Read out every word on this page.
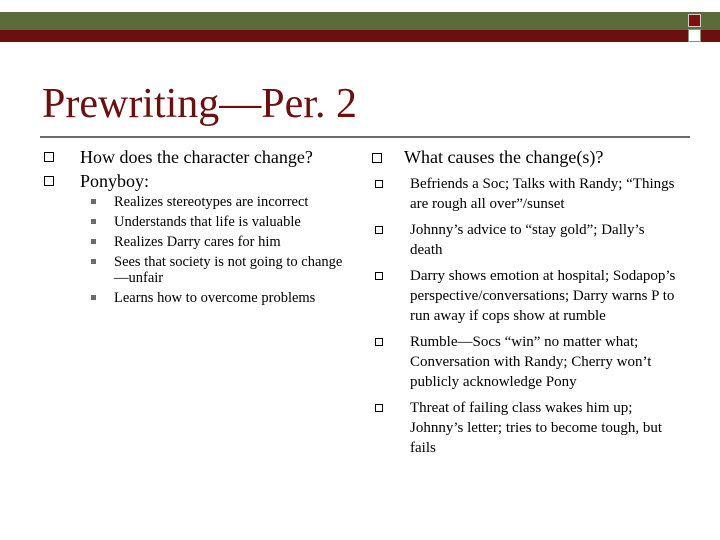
Prewriting—Per. 2
How does the character change?
Ponyboy:
Realizes stereotypes are incorrect
Understands that life is valuable
Realizes Darry cares for him
Sees that society is not going to change—unfair
Learns how to overcome problems
What causes the change(s)?
Befriends a Soc; Talks with Randy; “Things are rough all over”/sunset
Johnny’s advice to “stay gold”; Dally’s death
Darry shows emotion at hospital; Sodapop’s perspective/conversations; Darry warns P to run away if cops show at rumble
Rumble—Socs “win” no matter what; Conversation with Randy; Cherry won’t publicly acknowledge Pony
Threat of failing class wakes him up; Johnny’s letter; tries to become tough, but fails
